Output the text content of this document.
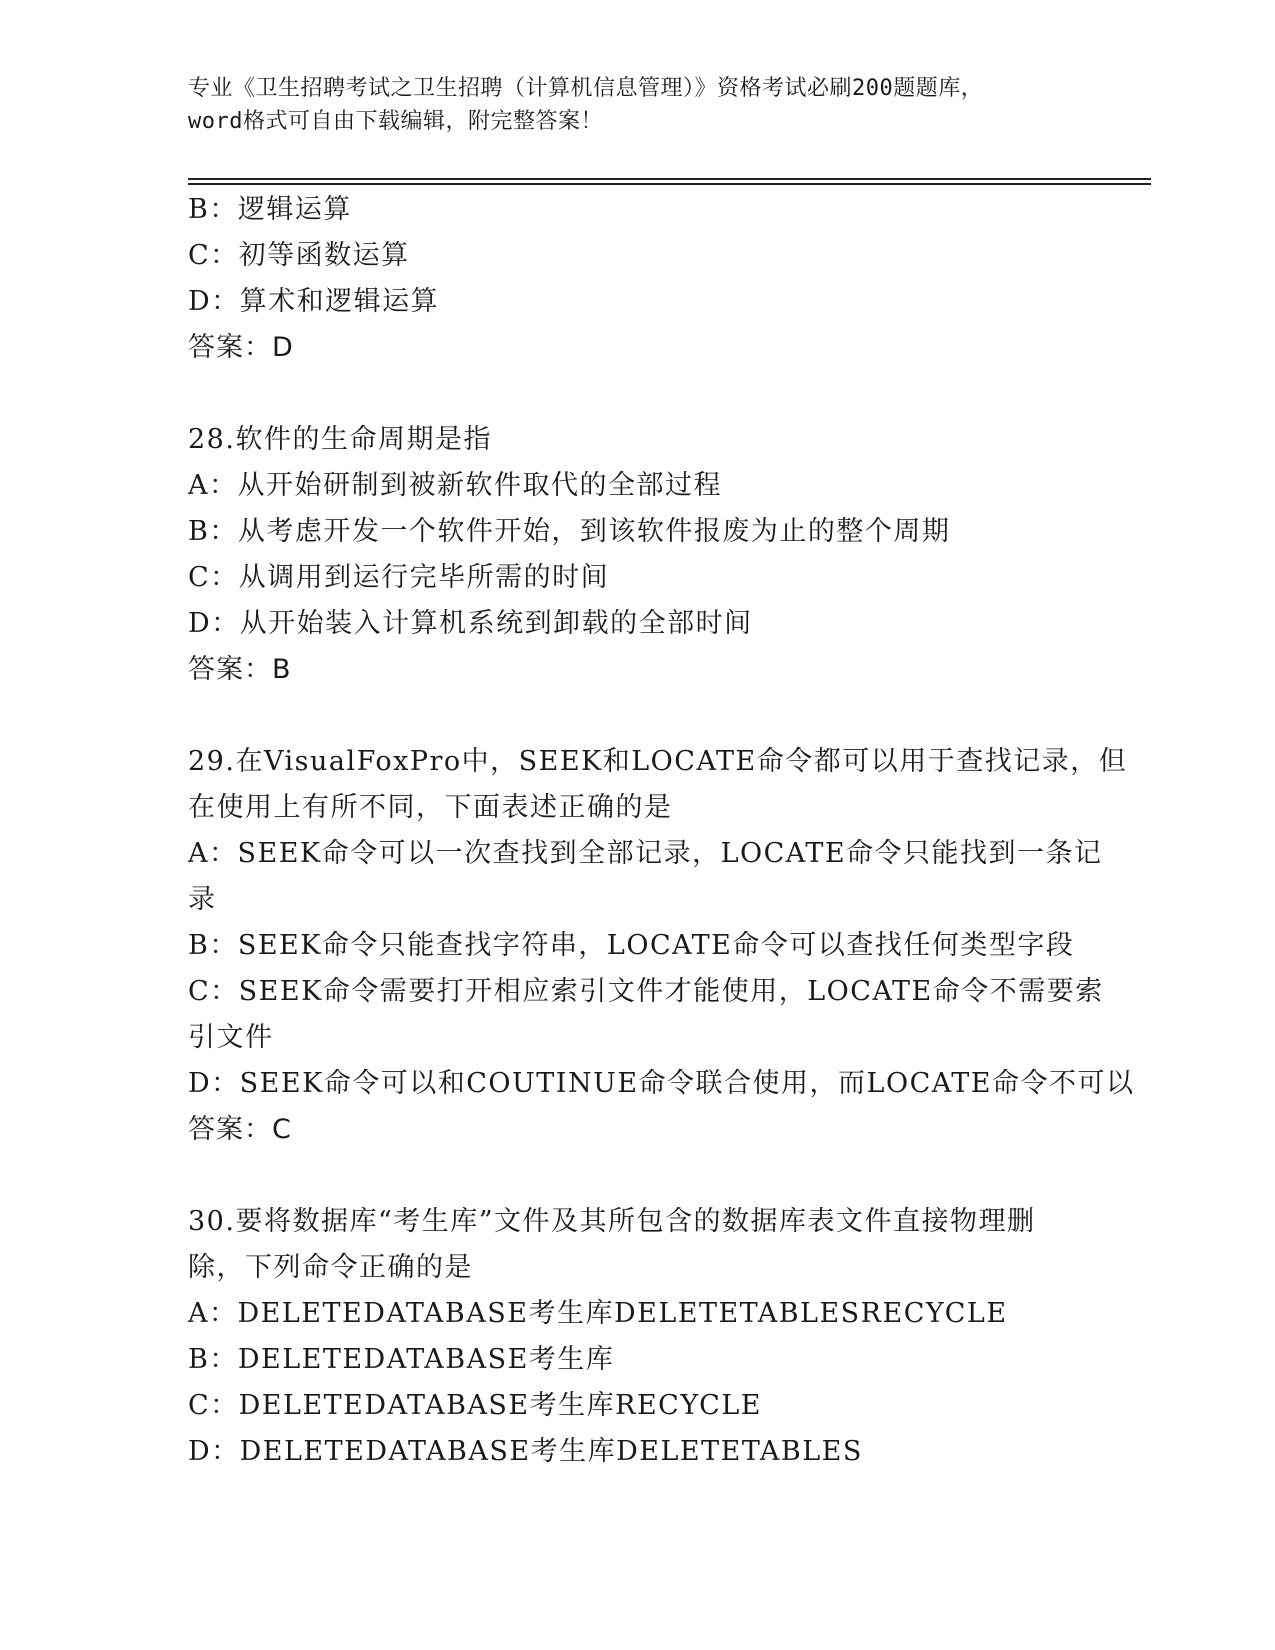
专业《卫生招聘考试之卫生招聘（计算机信息管理）》资格考试必刷200题题库，
word格式可自由下载编辑，附完整答案！
B：逻辑运算
C：初等函数运算
D：算术和逻辑运算
答案：D
28.软件的生命周期是指
A：从开始研制到被新软件取代的全部过程
B：从考虑开发一个软件开始，到该软件报废为止的整个周期
C：从调用到运行完毕所需的时间
D：从开始装入计算机系统到卸载的全部时间
答案：B
29.在VisualFoxPro中，SEEK和LOCATE命令都可以用于查找记录，但
在使用上有所不同，下面表述正确的是
A：SEEK命令可以一次查找到全部记录，LOCATE命令只能找到一条记
录
B：SEEK命令只能查找字符串，LOCATE命令可以查找任何类型字段
C：SEEK命令需要打开相应索引文件才能使用，LOCATE命令不需要索
引文件
D：SEEK命令可以和COUTINUE命令联合使用，而LOCATE命令不可以
答案：C
30.要将数据库“考生库”文件及其所包含的数据库表文件直接物理删
除，下列命令正确的是
A：DELETEDATABASE考生库DELETETABLESRECYCLE
B：DELETEDATABASE考生库
C：DELETEDATABASE考生库RECYCLE
D：DELETEDATABASE考生库DELETETABLES
